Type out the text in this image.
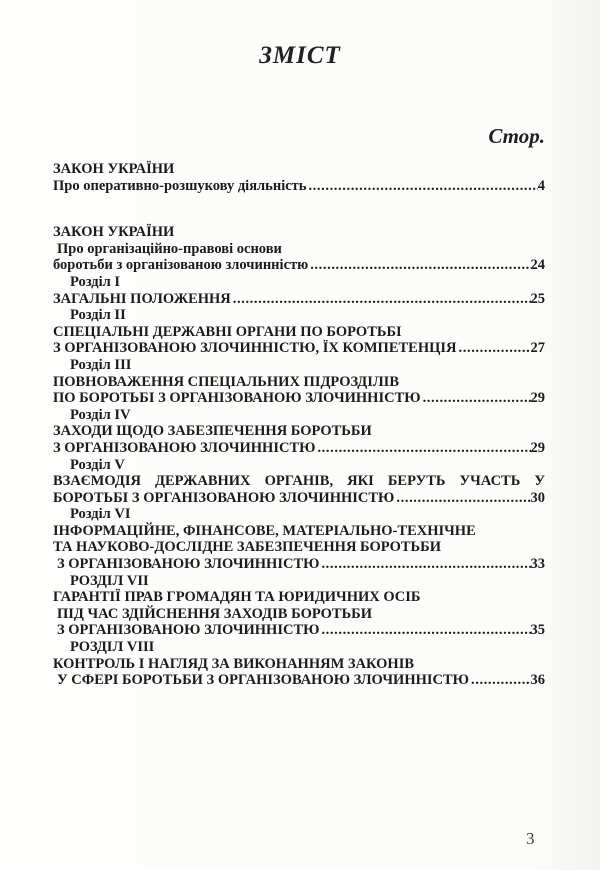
ЗМІСТ
Стор.
ЗАКОН УКРАЇНИ
Про оперативно-розшукову діяльність .....	4
ЗАКОН УКРАЇНИ
Про організаційно-правові основи
боротьби з організованою злочинністю .....	24
Розділ I
ЗАГАЛЬНІ ПОЛОЖЕННЯ .....	25
Розділ II
СПЕЦІАЛЬНІ ДЕРЖАВНІ ОРГАНИ ПО БОРОТЬБІ
З ОРГАНІЗОВАНОЮ ЗЛОЧИННІСТЮ, ЇХ КОМПЕТЕНЦІЯ .....	27
Розділ III
ПОВНОВАЖЕННЯ СПЕЦІАЛЬНИХ ПІДРОЗДІЛІВ
ПО БОРОТЬБІ З ОРГАНІЗОВАНОЮ ЗЛОЧИННІСТЮ .....	29
Розділ IV
ЗАХОДИ ЩОДО ЗАБЕЗПЕЧЕННЯ БОРОТЬБИ
З ОРГАНІЗОВАНОЮ ЗЛОЧИННІСТЮ .....	29
Розділ V
ВЗАЄМОДІЯ ДЕРЖАВНИХ ОРГАНІВ, ЯКІ БЕРУТЬ УЧАСТЬ У
БОРОТЬБІ З ОРГАНІЗОВАНОЮ ЗЛОЧИННІСТЮ .....	30
Розділ VI
ІНФОРМАЦІЙНЕ, ФІНАНСОВЕ, МАТЕРІАЛЬНО-ТЕХНІЧНЕ
ТА НАУКОВО-ДОСЛІДНЕ ЗАБЕЗПЕЧЕННЯ БОРОТЬБИ
З ОРГАНІЗОВАНОЮ ЗЛОЧИННІСТЮ .....	33
РОЗДІЛ VII
ГАРАНТІЇ ПРАВ ГРОМАДЯН ТА ЮРИДИЧНИХ ОСІБ
ПІД ЧАС ЗДІЙСНЕННЯ ЗАХОДІВ БОРОТЬБИ
З ОРГАНІЗОВАНОЮ ЗЛОЧИННІСТЮ .....	35
РОЗДІЛ VIII
КОНТРОЛЬ І НАГЛЯД ЗА ВИКОНАННЯМ ЗАКОНІВ
У СФЕРІ БОРОТЬБИ З ОРГАНІЗОВАНОЮ ЗЛОЧИННІСТЮ .....	36
3
